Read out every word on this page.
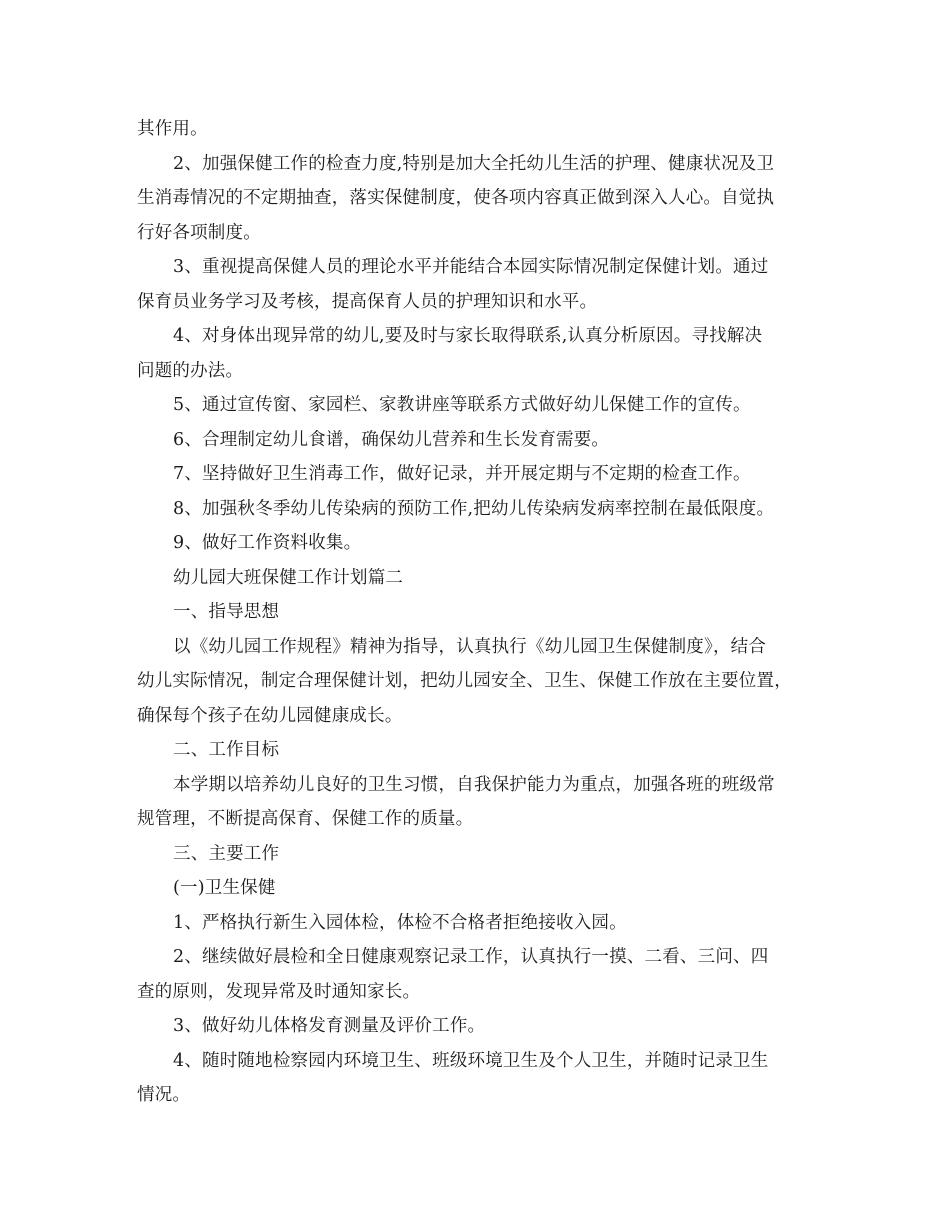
其作用。

2、加强保健工作的检查力度,特别是加大全托幼儿生活的护理、健康状况及卫
生消毒情况的不定期抽查，落实保健制度，使各项内容真正做到深入人心。自觉执
行好各项制度。

3、重视提高保健人员的理论水平并能结合本园实际情况制定保健计划。通过
保育员业务学习及考核，提高保育人员的护理知识和水平。

4、对身体出现异常的幼儿,要及时与家长取得联系,认真分析原因。寻找解决
问题的办法。

5、通过宣传窗、家园栏、家教讲座等联系方式做好幼儿保健工作的宣传。

6、合理制定幼儿食谱，确保幼儿营养和生长发育需要。

7、坚持做好卫生消毒工作，做好记录，并开展定期与不定期的检查工作。

8、加强秋冬季幼儿传染病的预防工作,把幼儿传染病发病率控制在最低限度。

9、做好工作资料收集。

幼儿园大班保健工作计划篇二

一、指导思想

以《幼儿园工作规程》精神为指导，认真执行《幼儿园卫生保健制度》，结合
幼儿实际情况，制定合理保健计划，把幼儿园安全、卫生、保健工作放在主要位置，
确保每个孩子在幼儿园健康成长。

二、工作目标

本学期以培养幼儿良好的卫生习惯，自我保护能力为重点，加强各班的班级常
规管理，不断提高保育、保健工作的质量。

三、主要工作

(一)卫生保健

1、严格执行新生入园体检，体检不合格者拒绝接收入园。

2、继续做好晨检和全日健康观察记录工作，认真执行一摸、二看、三问、四
查的原则，发现异常及时通知家长。

3、做好幼儿体格发育测量及评价工作。

4、随时随地检察园内环境卫生、班级环境卫生及个人卫生，并随时记录卫生
情况。
